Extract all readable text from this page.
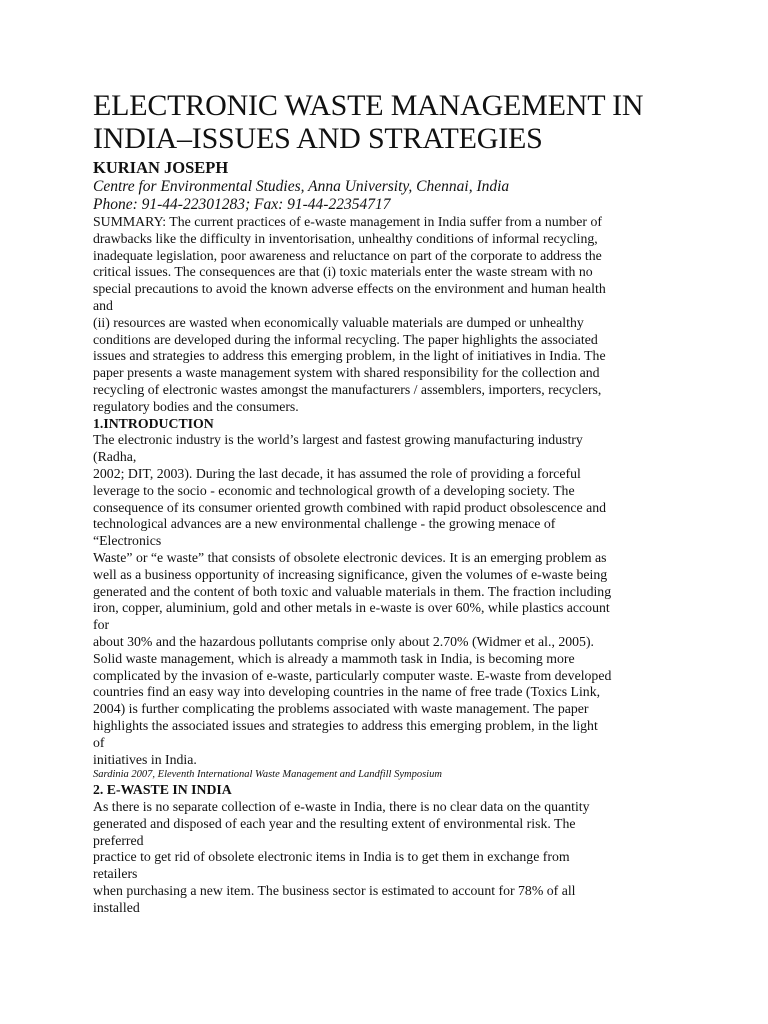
ELECTRONIC WASTE MANAGEMENT IN
INDIA–ISSUES AND STRATEGIES

KURIAN JOSEPH

Centre for Environmental Studies, Anna University, Chennai, India

Phone: 91-44-22301283; Fax: 91-44-22354717

SUMMARY: The current practices of e-waste management in India suffer from a number of
drawbacks like the difficulty in inventorisation, unhealthy conditions of informal recycling,
inadequate legislation, poor awareness and reluctance on part of the corporate to address the
critical issues. The consequences are that (i) toxic materials enter the waste stream with no
special precautions to avoid the known adverse effects on the environment and human health
and
(ii) resources are wasted when economically valuable materials are dumped or unhealthy
conditions are developed during the informal recycling. The paper highlights the associated
issues and strategies to address this emerging problem, in the light of initiatives in India. The
paper presents a waste management system with shared responsibility for the collection and
recycling of electronic wastes amongst the manufacturers / assemblers, importers, recyclers,
regulatory bodies and the consumers.

1.INTRODUCTION

The electronic industry is the world’s largest and fastest growing manufacturing industry
(Radha,
2002; DIT, 2003). During the last decade, it has assumed the role of providing a forceful
leverage to the socio - economic and technological growth of a developing society. The
consequence of its consumer oriented growth combined with rapid product obsolescence and
technological advances are a new environmental challenge - the growing menace of
“Electronics
Waste” or “e waste” that consists of obsolete electronic devices. It is an emerging problem as
well as a business opportunity of increasing significance, given the volumes of e-waste being
generated and the content of both toxic and valuable materials in them. The fraction including
iron, copper, aluminium, gold and other metals in e-waste is over 60%, while plastics account
for
about 30% and the hazardous pollutants comprise only about 2.70% (Widmer et al., 2005).
Solid waste management, which is already a mammoth task in India, is becoming more
complicated by the invasion of e-waste, particularly computer waste. E-waste from developed
countries find an easy way into developing countries in the name of free trade (Toxics Link,
2004) is further complicating the problems associated with waste management. The paper
highlights the associated issues and strategies to address this emerging problem, in the light
of
initiatives in India.

Sardinia 2007, Eleventh International Waste Management and Landfill Symposium

2. E-WASTE IN INDIA

As there is no separate collection of e-waste in India, there is no clear data on the quantity
generated and disposed of each year and the resulting extent of environmental risk. The
preferred
practice to get rid of obsolete electronic items in India is to get them in exchange from
retailers
when purchasing a new item. The business sector is estimated to account for 78% of all
installed
